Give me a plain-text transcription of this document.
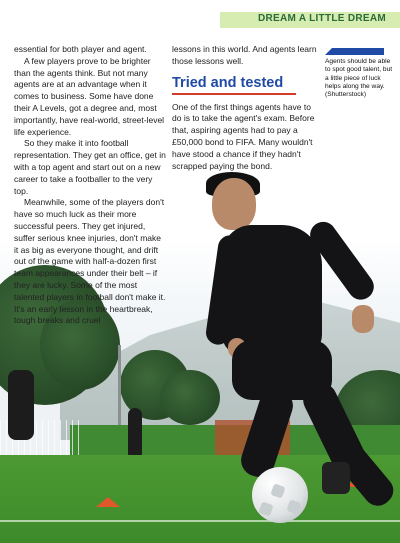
DREAM A LITTLE DREAM

essential for both player and agent.

A few players prove to be brighter than the agents think. But not many agents are at an advantage when it comes to business. Some have done their A Levels, got a degree and, most importantly, have real-world, street-level life experience.

So they make it into football representation. They get an office, get in with a top agent and start out on a new career to take a footballer to the very top.

Meanwhile, some of the players don't have so much luck as their more successful peers. They get injured, suffer serious knee injuries, don't make it as big as everyone thought, and drift out of the game with half-a-dozen first team appearances under their belt – if they are lucky. Some of the most talented players in football don't make it. It's an early lesson in the heartbreak, tough breaks and cruel

lessons in this world. And agents learn those lessons well.

Tried and tested

One of the first things agents have to do is to take the agent's exam. Before that, aspiring agents had to pay a £50,000 bond to FIFA. Many wouldn't have stood a chance if they hadn't scrapped paying the bond.

Agents should be able to spot good talent, but a little piece of luck helps along the way.
(Shutterstock)
